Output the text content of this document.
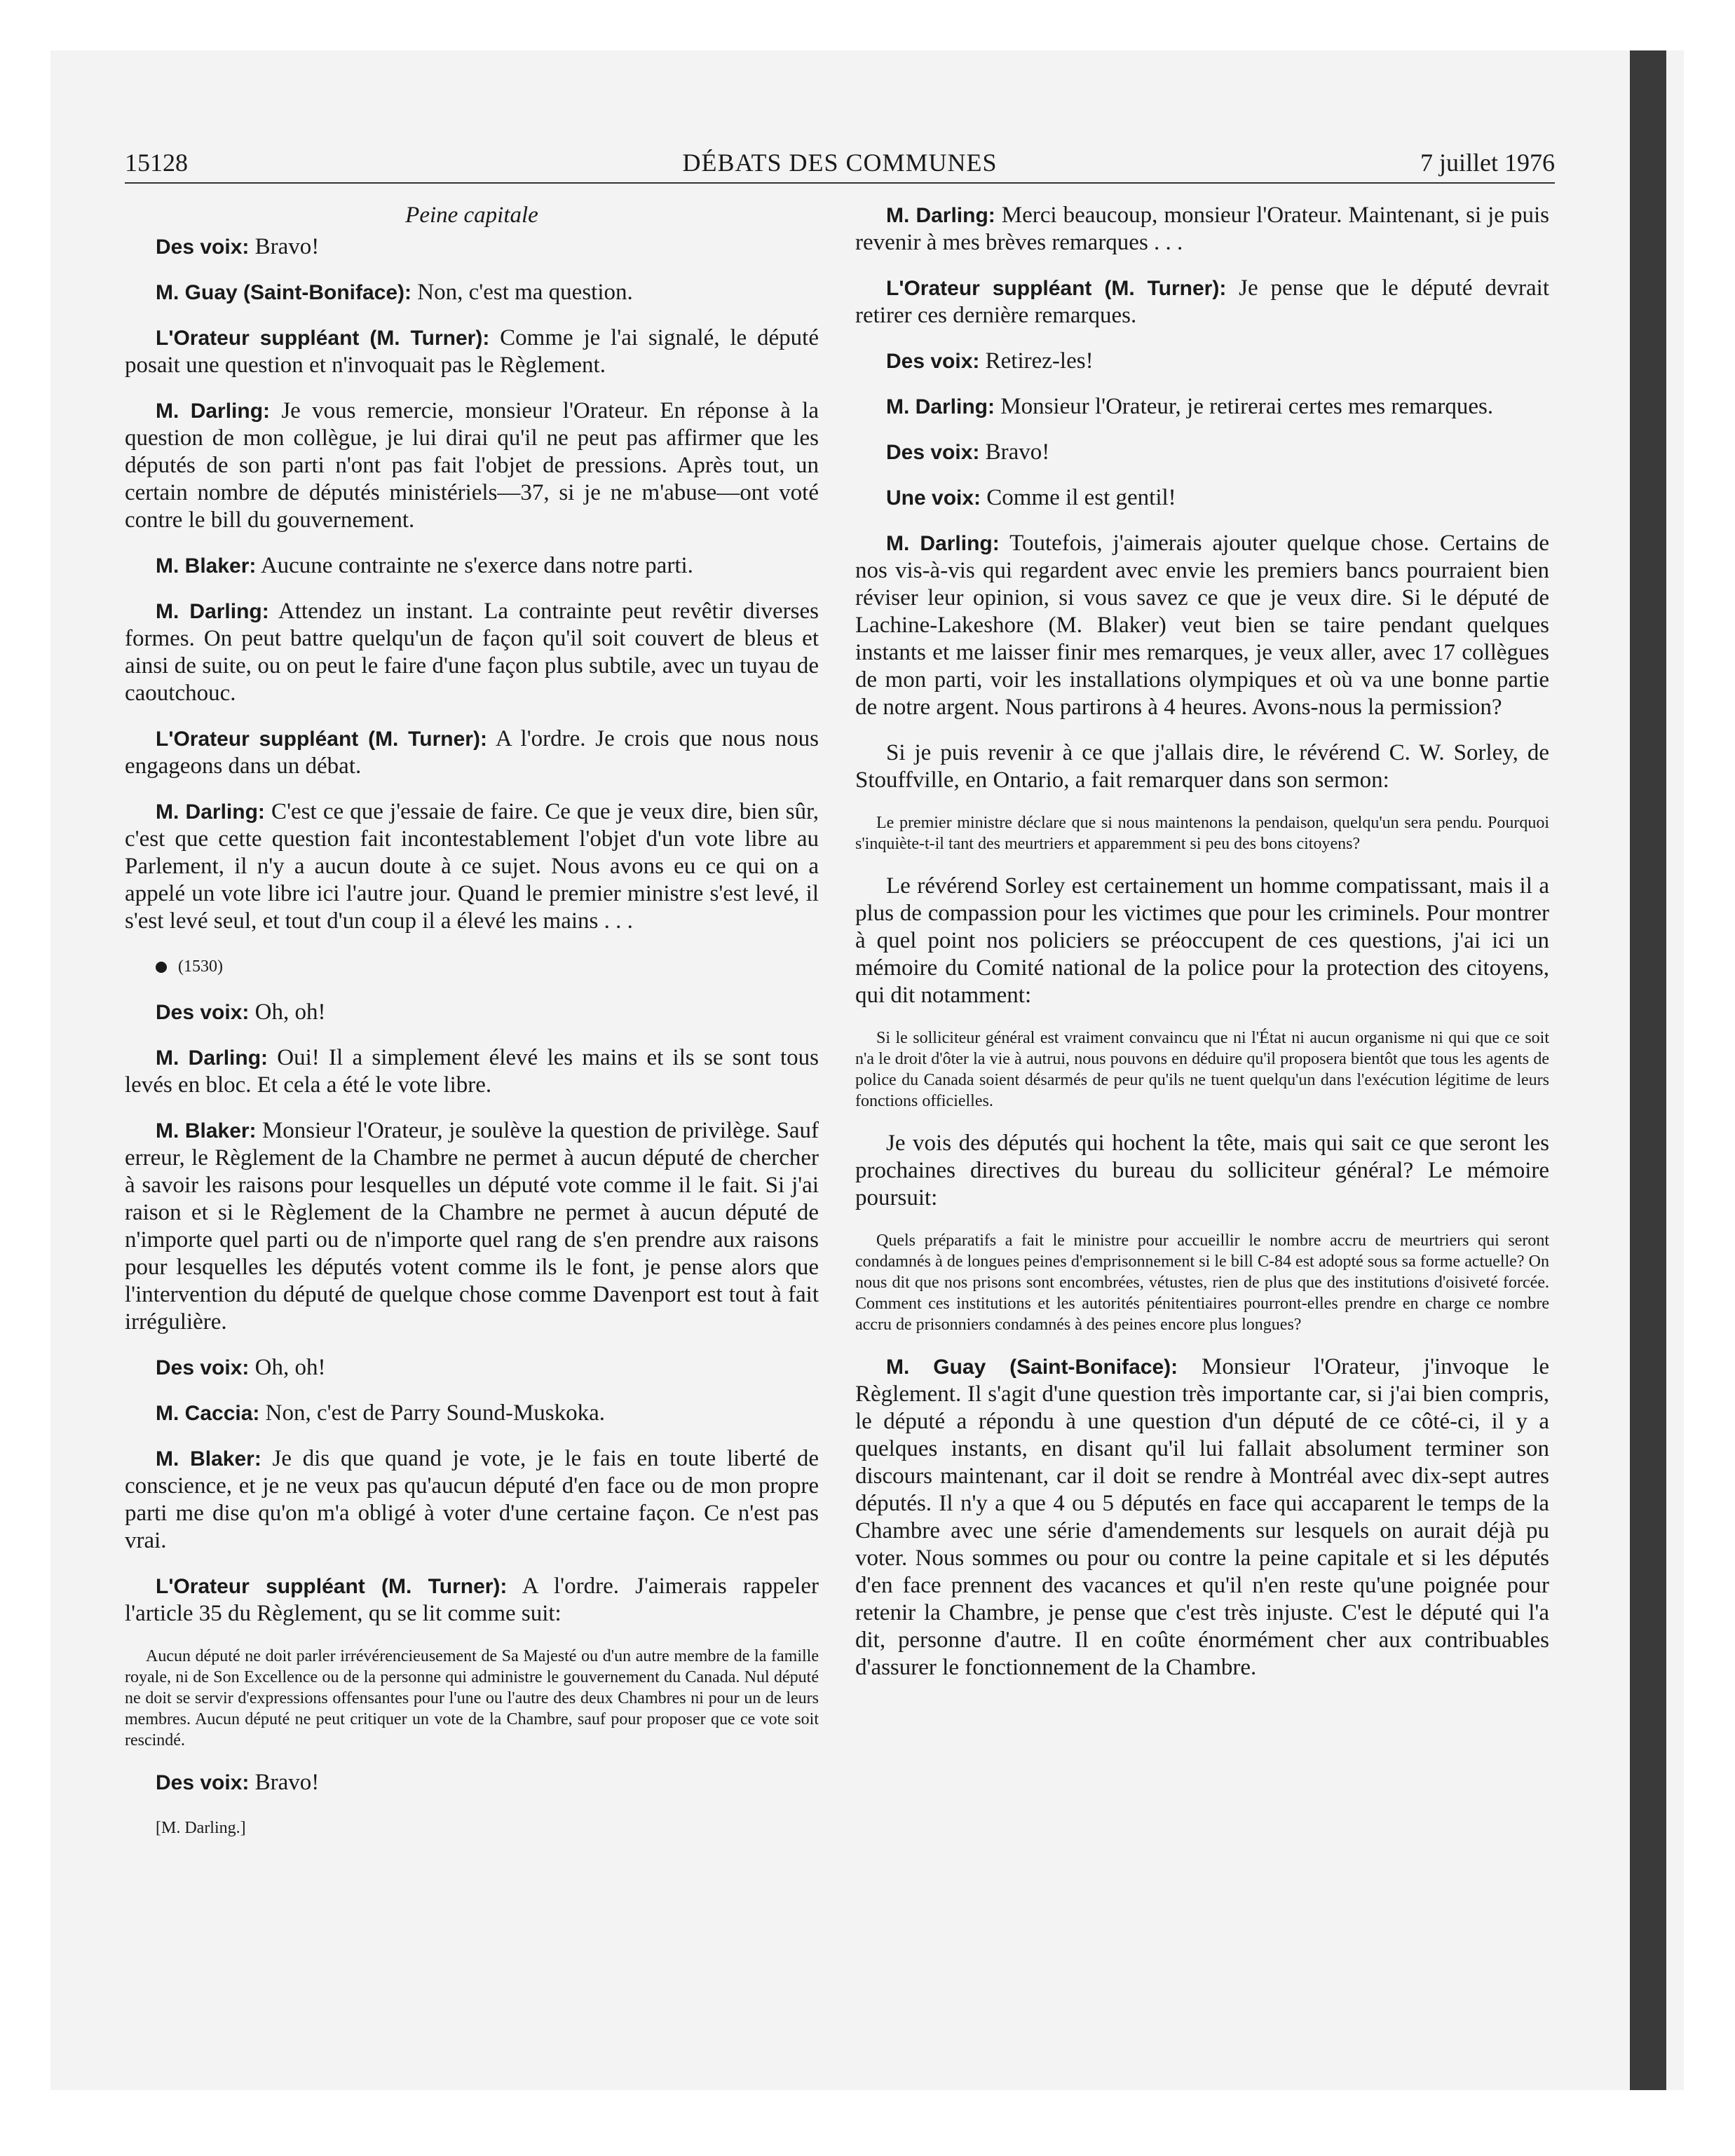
15128	DÉBATS DES COMMUNES	7 juillet 1976
Peine capitale

Des voix: Bravo!

M. Guay (Saint-Boniface): Non, c'est ma question.

L'Orateur suppléant (M. Turner): Comme je l'ai signalé, le député posait une question et n'invoquait pas le Règlement.

M. Darling: Je vous remercie, monsieur l'Orateur. En réponse à la question de mon collègue, je lui dirai qu'il ne peut pas affirmer que les députés de son parti n'ont pas fait l'objet de pressions. Après tout, un certain nombre de députés ministériels—37, si je ne m'abuse—ont voté contre le bill du gouvernement.

M. Blaker: Aucune contrainte ne s'exerce dans notre parti.

M. Darling: Attendez un instant. La contrainte peut revêtir diverses formes. On peut battre quelqu'un de façon qu'il soit couvert de bleus et ainsi de suite, ou on peut le faire d'une façon plus subtile, avec un tuyau de caoutchouc.

L'Orateur suppléant (M. Turner): A l'ordre. Je crois que nous nous engageons dans un débat.

M. Darling: C'est ce que j'essaie de faire. Ce que je veux dire, bien sûr, c'est que cette question fait incontestablement l'objet d'un vote libre au Parlement, il n'y a aucun doute à ce sujet. Nous avons eu ce qui on a appelé un vote libre ici l'autre jour. Quand le premier ministre s'est levé, il s'est levé seul, et tout d'un coup il a élevé les mains . . .

(1530)

Des voix: Oh, oh!

M. Darling: Oui! Il a simplement élevé les mains et ils se sont tous levés en bloc. Et cela a été le vote libre.

M. Blaker: Monsieur l'Orateur, je soulève la question de privilège. Sauf erreur, le Règlement de la Chambre ne permet à aucun député de chercher à savoir les raisons pour lesquelles un député vote comme il le fait. Si j'ai raison et si le Règlement de la Chambre ne permet à aucun député de n'importe quel parti ou de n'importe quel rang de s'en prendre aux raisons pour lesquelles les députés votent comme ils le font, je pense alors que l'intervention du député de quelque chose comme Davenport est tout à fait irrégulière.

Des voix: Oh, oh!

M. Caccia: Non, c'est de Parry Sound-Muskoka.

M. Blaker: Je dis que quand je vote, je le fais en toute liberté de conscience, et je ne veux pas qu'aucun député d'en face ou de mon propre parti me dise qu'on m'a obligé à voter d'une certaine façon. Ce n'est pas vrai.

L'Orateur suppléant (M. Turner): A l'ordre. J'aimerais rappeler l'article 35 du Règlement, qu se lit comme suit:

Aucun député ne doit parler irrévérencieusement de Sa Majesté ou d'un autre membre de la famille royale, ni de Son Excellence ou de la personne qui administre le gouvernement du Canada. Nul député ne doit se servir d'expressions offensantes pour l'une ou l'autre des deux Chambres ni pour un de leurs membres. Aucun député ne peut critiquer un vote de la Chambre, sauf pour proposer que ce vote soit rescindé.

Des voix: Bravo!

[M. Darling.]

M. Darling: Merci beaucoup, monsieur l'Orateur. Maintenant, si je puis revenir à mes brèves remarques . . .

L'Orateur suppléant (M. Turner): Je pense que le député devrait retirer ces dernière remarques.

Des voix: Retirez-les!

M. Darling: Monsieur l'Orateur, je retirerai certes mes remarques.

Des voix: Bravo!

Une voix: Comme il est gentil!

M. Darling: Toutefois, j'aimerais ajouter quelque chose. Certains de nos vis-à-vis qui regardent avec envie les premiers bancs pourraient bien réviser leur opinion, si vous savez ce que je veux dire. Si le député de Lachine-Lakeshore (M. Blaker) veut bien se taire pendant quelques instants et me laisser finir mes remarques, je veux aller, avec 17 collègues de mon parti, voir les installations olympiques et où va une bonne partie de notre argent. Nous partirons à 4 heures. Avons-nous la permission?

Si je puis revenir à ce que j'allais dire, le révérend C. W. Sorley, de Stouffville, en Ontario, a fait remarquer dans son sermon:

Le premier ministre déclare que si nous maintenons la pendaison, quelqu'un sera pendu. Pourquoi s'inquiète-t-il tant des meurtriers et apparemment si peu des bons citoyens?

Le révérend Sorley est certainement un homme compatissant, mais il a plus de compassion pour les victimes que pour les criminels. Pour montrer à quel point nos policiers se préoccupent de ces questions, j'ai ici un mémoire du Comité national de la police pour la protection des citoyens, qui dit notamment:

Si le solliciteur général est vraiment convaincu que ni l'État ni aucun organisme ni qui que ce soit n'a le droit d'ôter la vie à autrui, nous pouvons en déduire qu'il proposera bientôt que tous les agents de police du Canada soient désarmés de peur qu'ils ne tuent quelqu'un dans l'exécution légitime de leurs fonctions officielles.

Je vois des députés qui hochent la tête, mais qui sait ce que seront les prochaines directives du bureau du solliciteur général? Le mémoire poursuit:

Quels préparatifs a fait le ministre pour accueillir le nombre accru de meurtriers qui seront condamnés à de longues peines d'emprisonnement si le bill C-84 est adopté sous sa forme actuelle? On nous dit que nos prisons sont encombrées, vétustes, rien de plus que des institutions d'oisiveté forcée. Comment ces institutions et les autorités pénitentiaires pourront-elles prendre en charge ce nombre accru de prisonniers condamnés à des peines encore plus longues?

M. Guay (Saint-Boniface): Monsieur l'Orateur, j'invoque le Règlement. Il s'agit d'une question très importante car, si j'ai bien compris, le député a répondu à une question d'un député de ce côté-ci, il y a quelques instants, en disant qu'il lui fallait absolument terminer son discours maintenant, car il doit se rendre à Montréal avec dix-sept autres députés. Il n'y a que 4 ou 5 députés en face qui accaparent le temps de la Chambre avec une série d'amendements sur lesquels on aurait déjà pu voter. Nous sommes ou pour ou contre la peine capitale et si les députés d'en face prennent des vacances et qu'il n'en reste qu'une poignée pour retenir la Chambre, je pense que c'est très injuste. C'est le député qui l'a dit, personne d'autre. Il en coûte énormément cher aux contribuables d'assurer le fonctionnement de la Chambre.
